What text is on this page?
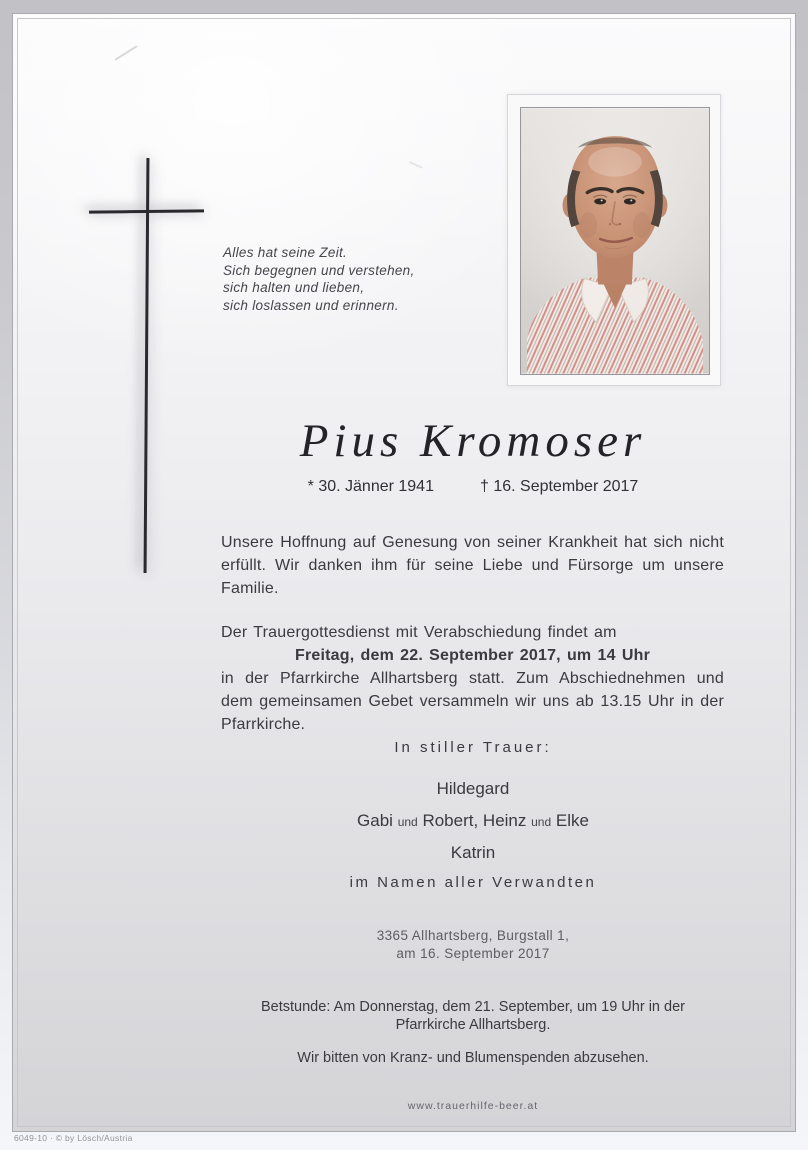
Alles hat seine Zeit.
Sich begegnen und verstehen,
sich halten und lieben,
sich loslassen und erinnern.
Pius Kromoser
* 30. Jänner 1941	† 16. September 2017
Unsere Hoffnung auf Genesung von seiner Krankheit hat sich nicht erfüllt. Wir danken ihm für seine Liebe und Fürsorge um unsere Familie.
Der Trauergottesdienst mit Verabschiedung findet am
Freitag, dem 22. September 2017, um 14 Uhr
in der Pfarrkirche Allhartsberg statt. Zum Abschiednehmen und dem gemeinsamen Gebet versammeln wir uns ab 13.15 Uhr in der Pfarrkirche.
In stiller Trauer:
Hildegard
Gabi und Robert, Heinz und Elke
Katrin
im Namen aller Verwandten
3365 Allhartsberg, Burgstall 1,
am 16. September 2017
Betstunde: Am Donnerstag, dem 21. September, um 19 Uhr in der
Pfarrkirche Allhartsberg.
Wir bitten von Kranz- und Blumenspenden abzusehen.
www.trauerhilfe-beer.at
6049-10 · © by Lösch/Austria
